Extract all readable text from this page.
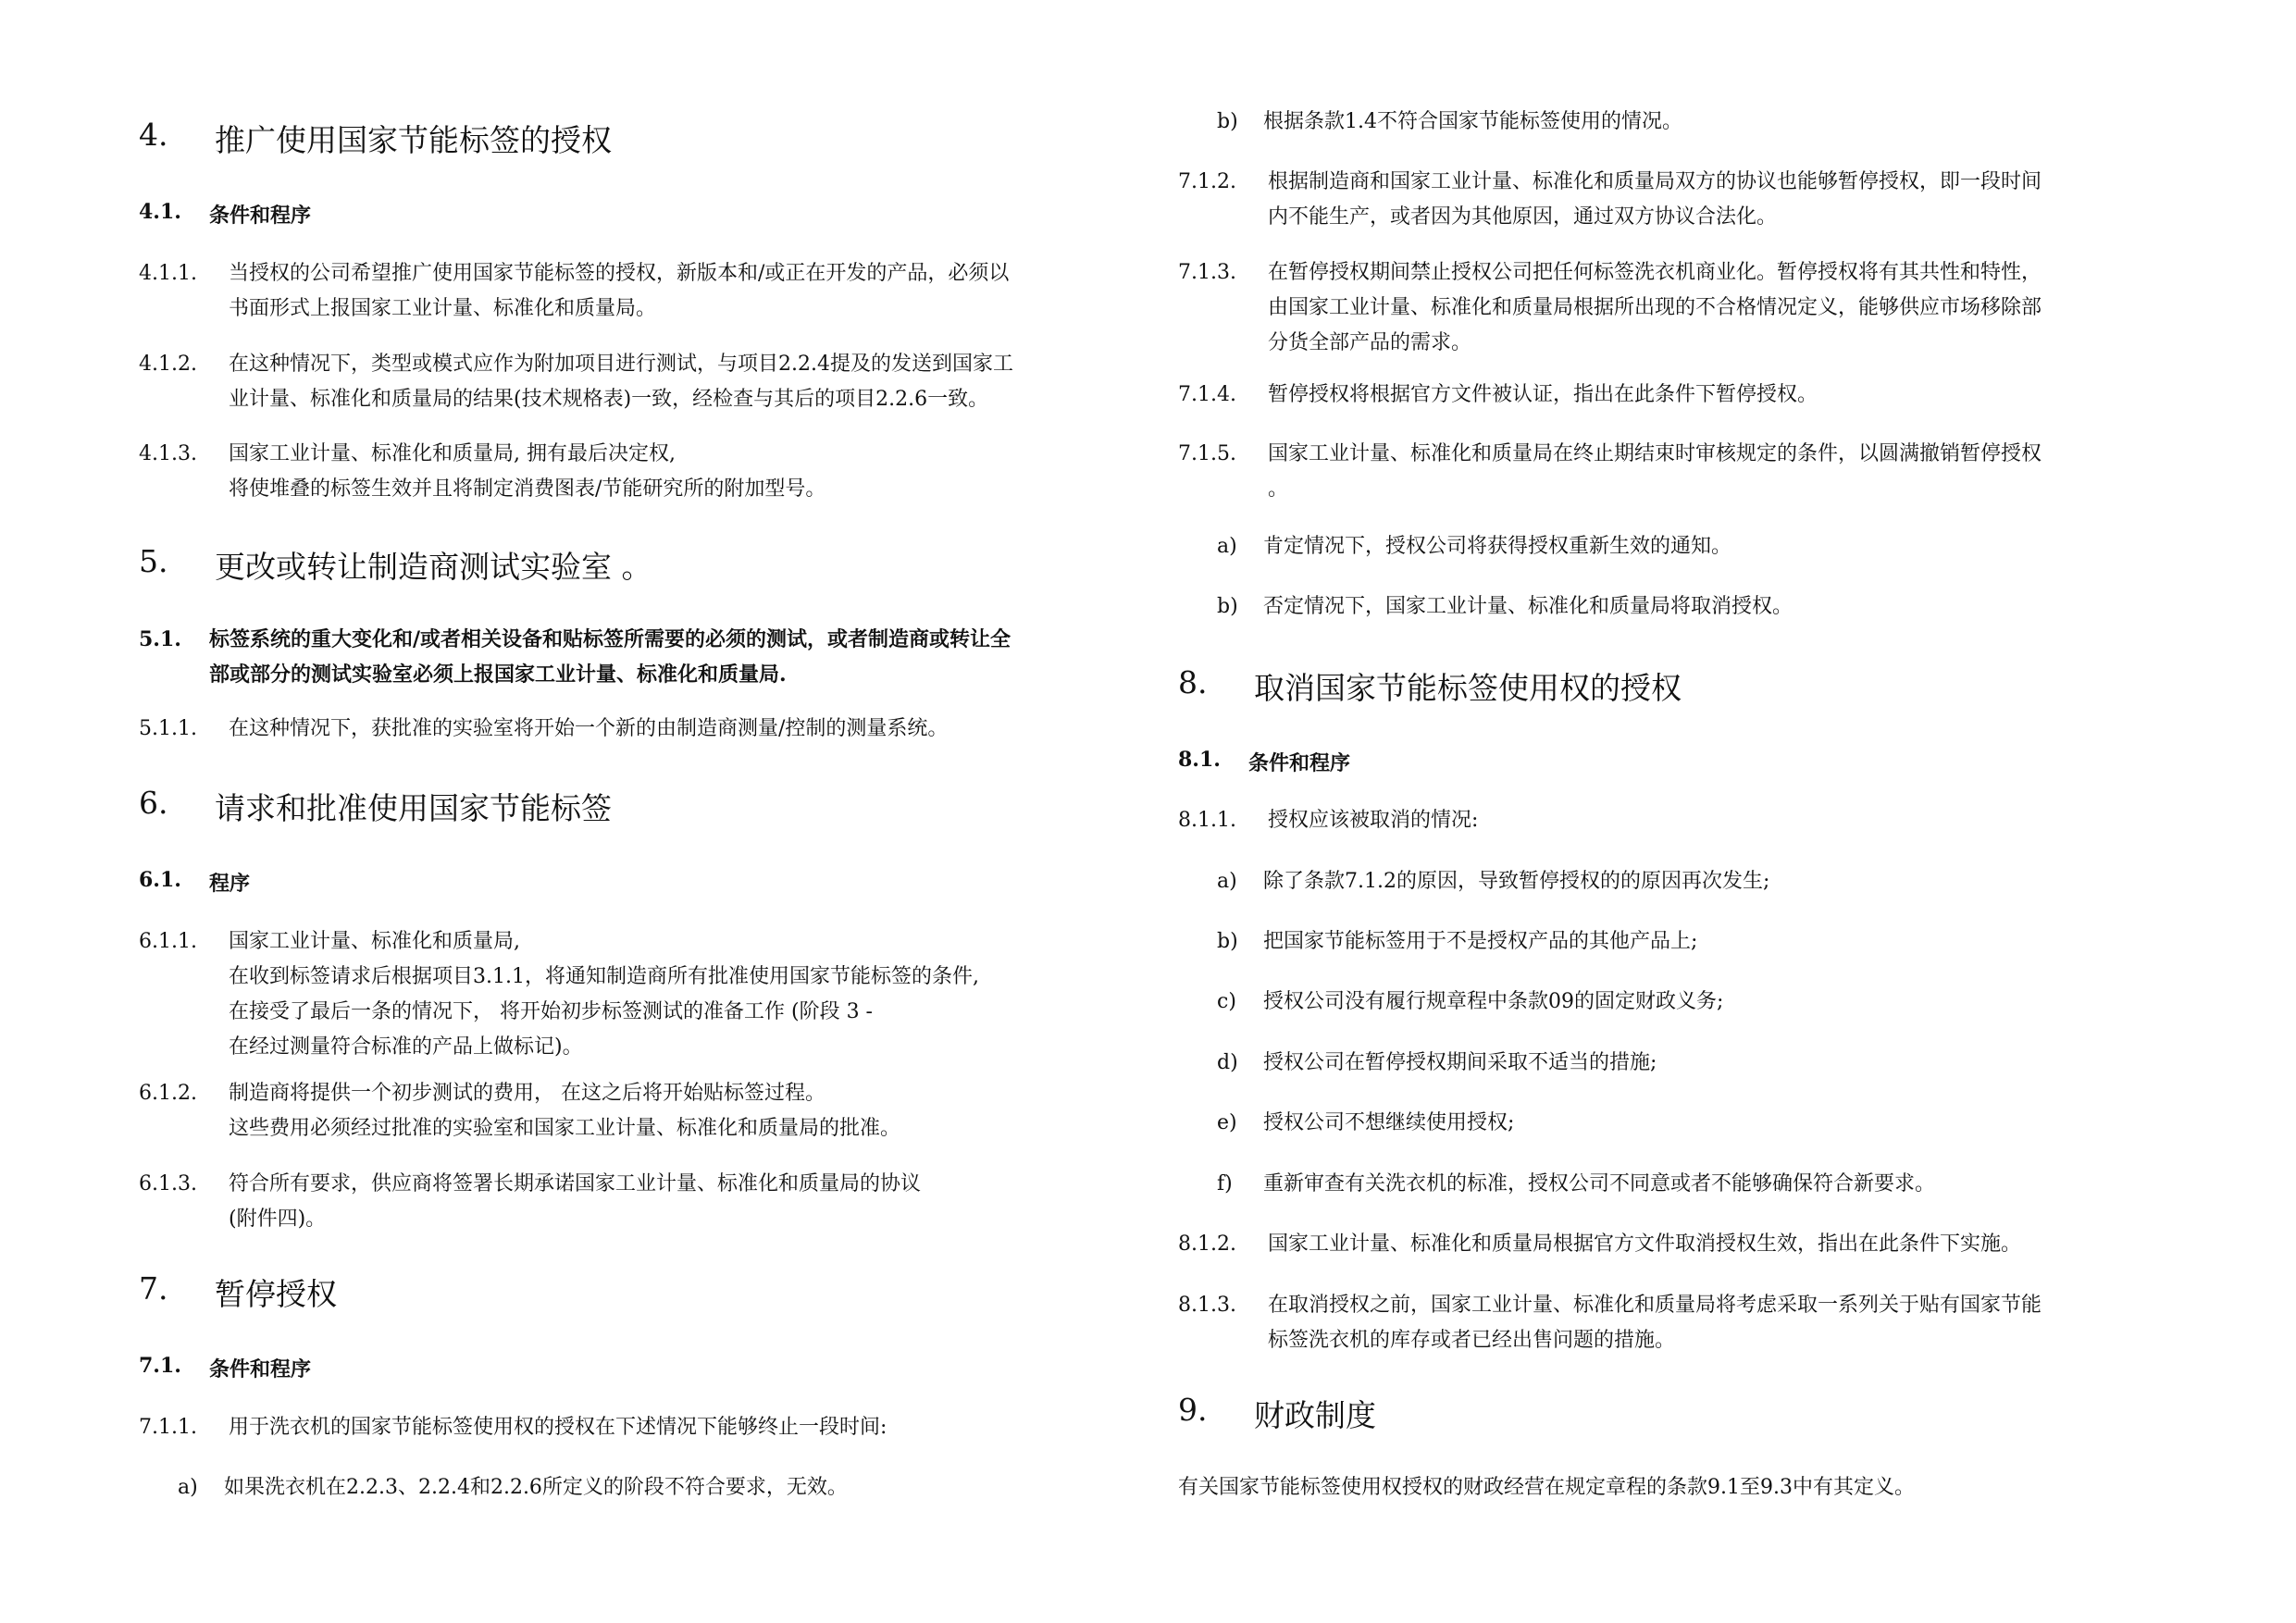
4.	推广使用国家节能标签的授权
4.1.	条件和程序
4.1.1.	当授权的公司希望推广使用国家节能标签的授权，新版本和/或正在开发的产品，必须以
书面形式上报国家工业计量、标准化和质量局。
4.1.2.	在这种情况下，类型或模式应作为附加项目进行测试，与项目2.2.4提及的发送到国家工
业计量、标准化和质量局的结果(技术规格表)一致，经检查与其后的项目2.2.6一致。
4.1.3.	国家工业计量、标准化和质量局, 拥有最后决定权,
将使堆叠的标签生效并且将制定消费图表/节能研究所的附加型号。
5.	更改或转让制造商测试实验室 。
5.1.	标签系统的重大变化和/或者相关设备和贴标签所需要的必须的测试，或者制造商或转让全
部或部分的测试实验室必须上报国家工业计量、标准化和质量局.
5.1.1.	在这种情况下，获批准的实验室将开始一个新的由制造商测量/控制的测量系统。
6.	请求和批准使用国家节能标签
6.1.	程序
6.1.1.	国家工业计量、标准化和质量局,
在收到标签请求后根据项目3.1.1，将通知制造商所有批准使用国家节能标签的条件,
在接受了最后一条的情况下， 将开始初步标签测试的准备工作 (阶段 3 -
在经过测量符合标准的产品上做标记)。
6.1.2.	制造商将提供一个初步测试的费用， 在这之后将开始贴标签过程。
这些费用必须经过批准的实验室和国家工业计量、标准化和质量局的批准。
6.1.3.	符合所有要求，供应商将签署长期承诺国家工业计量、标准化和质量局的协议
(附件四)。
7.	暂停授权
7.1.	条件和程序
7.1.1.	用于洗衣机的国家节能标签使用权的授权在下述情况下能够终止一段时间:
a)	如果洗衣机在2.2.3、2.2.4和2.2.6所定义的阶段不符合要求，无效。
b)	根据条款1.4不符合国家节能标签使用的情况。
7.1.2.	根据制造商和国家工业计量、标准化和质量局双方的协议也能够暂停授权，即一段时间
内不能生产，或者因为其他原因，通过双方协议合法化。
7.1.3.	在暂停授权期间禁止授权公司把任何标签洗衣机商业化。暂停授权将有其共性和特性，
由国家工业计量、标准化和质量局根据所出现的不合格情况定义，能够供应市场移除部
分货全部产品的需求。
7.1.4.	暂停授权将根据官方文件被认证，指出在此条件下暂停授权。
7.1.5.	国家工业计量、标准化和质量局在终止期结束时审核规定的条件，以圆满撤销暂停授权
。
a)	肯定情况下，授权公司将获得授权重新生效的通知。
b)	否定情况下，国家工业计量、标准化和质量局将取消授权。
8.	取消国家节能标签使用权的授权
8.1.	条件和程序
8.1.1.	授权应该被取消的情况:
a)	除了条款7.1.2的原因，导致暂停授权的的原因再次发生;
b)	把国家节能标签用于不是授权产品的其他产品上;
c)	授权公司没有履行规章程中条款09的固定财政义务;
d)	授权公司在暂停授权期间采取不适当的措施;
e)	授权公司不想继续使用授权;
f)	重新审查有关洗衣机的标准，授权公司不同意或者不能够确保符合新要求。
8.1.2.	国家工业计量、标准化和质量局根据官方文件取消授权生效，指出在此条件下实施。
8.1.3.	在取消授权之前，国家工业计量、标准化和质量局将考虑采取一系列关于贴有国家节能
标签洗衣机的库存或者已经出售问题的措施。
9.	财政制度
有关国家节能标签使用权授权的财政经营在规定章程的条款9.1至9.3中有其定义。
